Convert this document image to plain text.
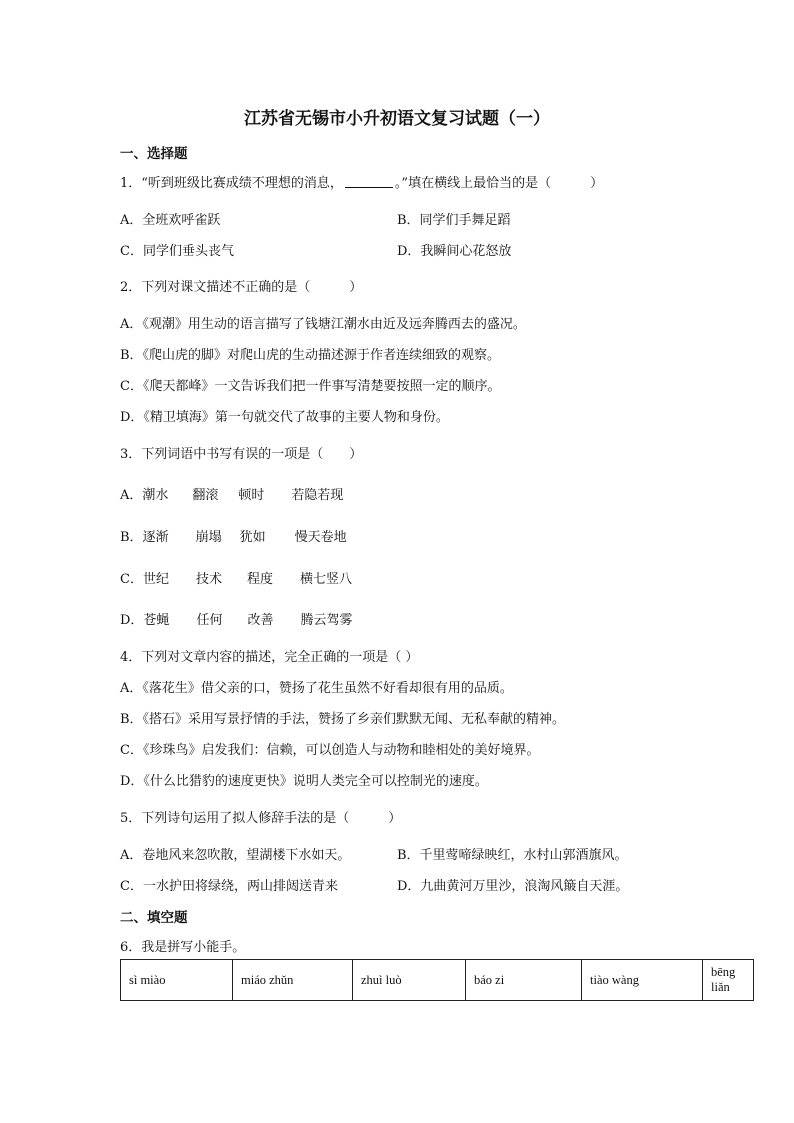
江苏省无锡市小升初语文复习试题（一）
一、选择题
1．“听到班级比赛成绩不理想的消息，	。”填在横线上最恰当的是（　　　）
A．全班欢呼雀跃	B．同学们手舞足蹈
C．同学们垂头丧气	D．我瞬间心花怒放
2．下列对课文描述不正确的是（　　　）
A．《观潮》用生动的语言描写了钱塘江潮水由近及远奔腾西去的盛况。
B．《爬山虎的脚》对爬山虎的生动描述源于作者连续细致的观察。
C．《爬天都峰》一文告诉我们把一件事写清楚要按照一定的顺序。
D．《精卫填海》第一句就交代了故事的主要人物和身份。
3．下列词语中书写有误的一项是（　　）
A．潮水 翻滚 顿时 若隐若现
B．逐渐 崩塌 犹如 慢天卷地
C．世纪 技术 程度 横七竖八
D．苍蝇 任何 改善 腾云驾雾
4．下列对文章内容的描述，完全正确的一项是（ ）
A．《落花生》借父亲的口，赞扬了花生虽然不好看却很有用的品质。
B．《搭石》采用写景抒情的手法，赞扬了乡亲们默默无闻、无私奉献的精神。
C．《珍珠鸟》启发我们：信赖，可以创造人与动物和睦相处的美好境界。
D．《什么比猎豹的速度更快》说明人类完全可以控制光的速度。
5．下列诗句运用了拟人修辞手法的是（　　　）
A．卷地风来忽吹散，望湖楼下水如天。	B．千里莺啼绿映红，水村山郭酒旗风。
C．一水护田将绿绕，两山排闼送青来	D．九曲黄河万里沙，浪淘风簸自天涯。
二、填空题
6．我是拼写小能手。
sì miào	miáo zhǔn	zhuì luò	báo zi	tiào wàng	bēng liǎn
